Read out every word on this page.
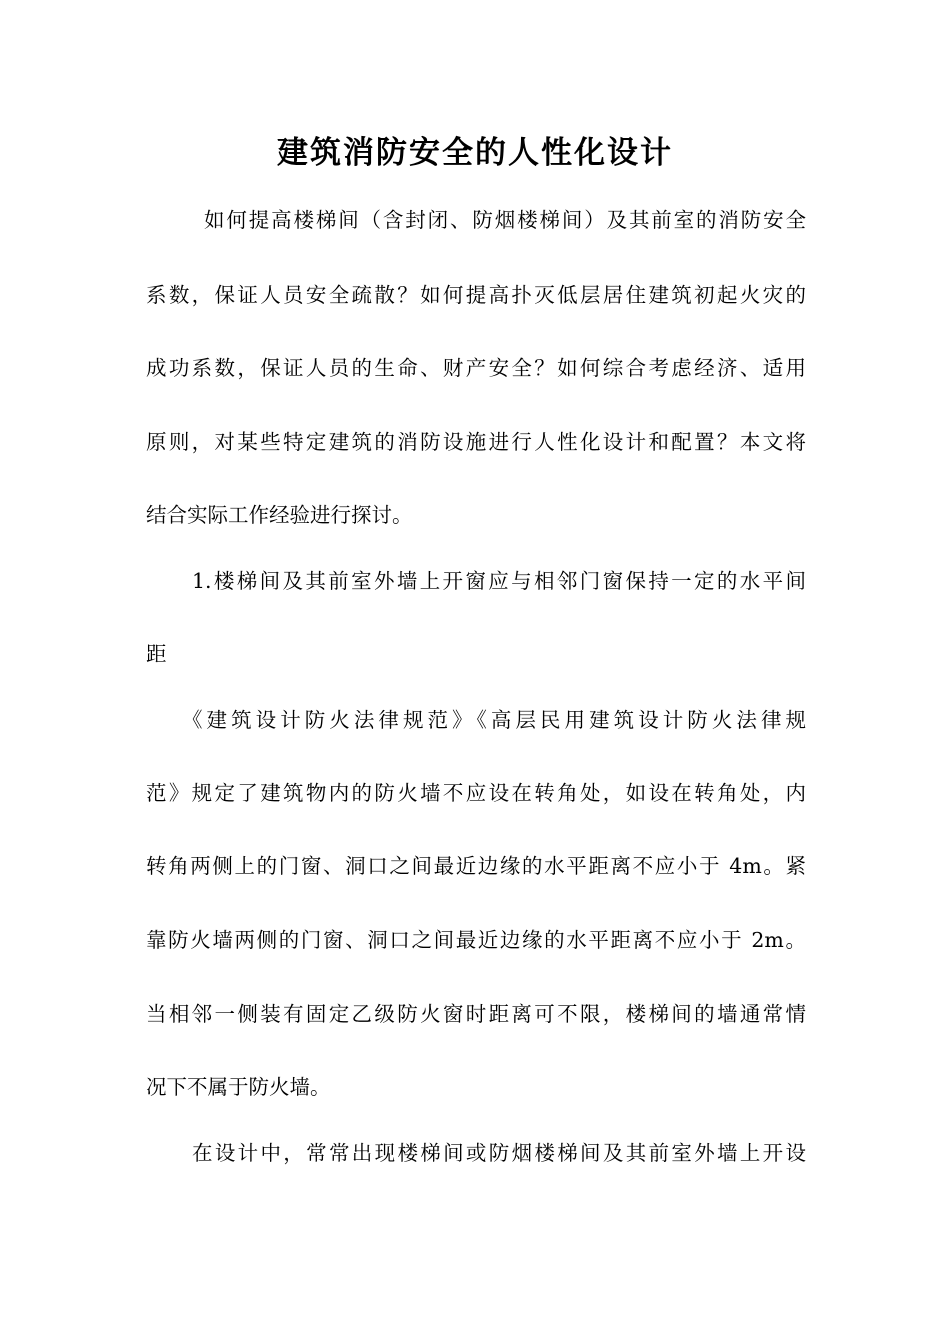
建筑消防安全的人性化设计
如何提高楼梯间（含封闭、防烟楼梯间）及其前室的消防安全
系数，保证人员安全疏散？如何提高扑灭低层居住建筑初起火灾的
成功系数，保证人员的生命、财产安全？如何综合考虑经济、适用
原则，对某些特定建筑的消防设施进行人性化设计和配置？本文将
结合实际工作经验进行探讨。
1.楼梯间及其前室外墙上开窗应与相邻门窗保持一定的水平间
距
《建筑设计防火法律规范》《高层民用建筑设计防火法律规
范》规定了建筑物内的防火墙不应设在转角处，如设在转角处，内
转角两侧上的门窗、洞口之间最近边缘的水平距离不应小于 4m。紧
靠防火墙两侧的门窗、洞口之间最近边缘的水平距离不应小于 2m。
当相邻一侧装有固定乙级防火窗时距离可不限，楼梯间的墙通常情
况下不属于防火墙。
在设计中，常常出现楼梯间或防烟楼梯间及其前室外墙上开设
